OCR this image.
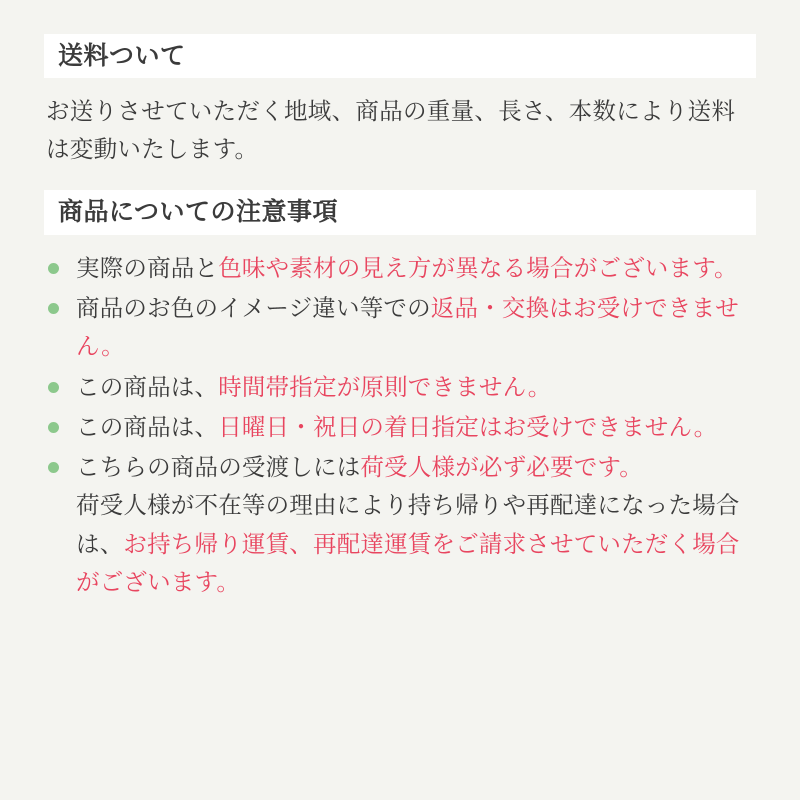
送料ついて

お送りさせていただく地域、商品の重量、長さ、本数により送料は変動いたします。

商品についての注意事項
実際の商品と色味や素材の見え方が異なる場合がございます。
商品のお色のイメージ違い等での返品・交換はお受けできません。
この商品は、時間帯指定が原則できません。
この商品は、日曜日・祝日の着日指定はお受けできません。
こちらの商品の受渡しには荷受人様が必ず必要です。
荷受人様が不在等の理由により持ち帰りや再配達になった場合は、お持ち帰り運賃、再配達運賃をご請求させていただく場合がございます。
